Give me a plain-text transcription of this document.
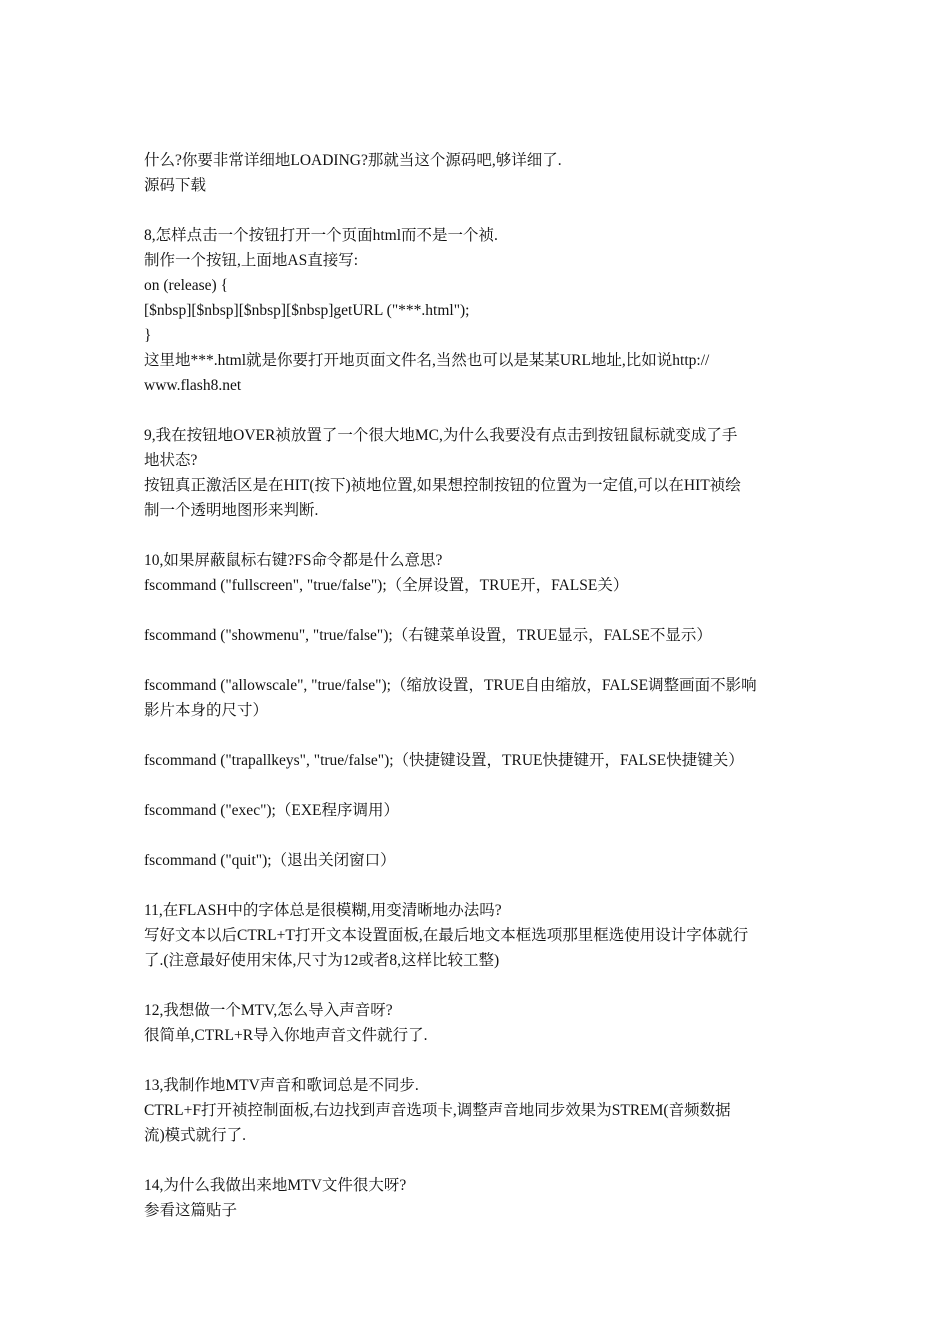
什么?你要非常详细地LOADING?那就当这个源码吧,够详细了.
源码下载
8,怎样点击一个按钮打开一个页面html而不是一个祯.
制作一个按钮,上面地AS直接写:
on (release) {
[$nbsp][$nbsp][$nbsp][$nbsp]getURL ("***.html");
}
这里地***.html就是你要打开地页面文件名,当然也可以是某某URL地址,比如说http://
www.flash8.net
9,我在按钮地OVER祯放置了一个很大地MC,为什么我要没有点击到按钮鼠标就变成了手
地状态?
按钮真正激活区是在HIT(按下)祯地位置,如果想控制按钮的位置为一定值,可以在HIT祯绘
制一个透明地图形来判断.
10,如果屏蔽鼠标右键?FS命令都是什么意思?
fscommand ("fullscreen", "true/false");（全屏设置，TRUE开，FALSE关）
fscommand ("showmenu", "true/false");（右键菜单设置，TRUE显示，FALSE不显示）
fscommand ("allowscale", "true/false");（缩放设置，TRUE自由缩放，FALSE调整画面不影响
影片本身的尺寸）
fscommand ("trapallkeys", "true/false");（快捷键设置，TRUE快捷键开，FALSE快捷键关）
fscommand ("exec");（EXE程序调用）
fscommand ("quit");（退出关闭窗口）
11,在FLASH中的字体总是很模糊,用变清晰地办法吗?
写好文本以后CTRL+T打开文本设置面板,在最后地文本框选项那里框选使用设计字体就行
了.(注意最好使用宋体,尺寸为12或者8,这样比较工整)
12,我想做一个MTV,怎么导入声音呀?
很简单,CTRL+R导入你地声音文件就行了.
13,我制作地MTV声音和歌词总是不同步.
CTRL+F打开祯控制面板,右边找到声音选项卡,调整声音地同步效果为STREM(音频数据
流)模式就行了.
14,为什么我做出来地MTV文件很大呀?
参看这篇贴子
